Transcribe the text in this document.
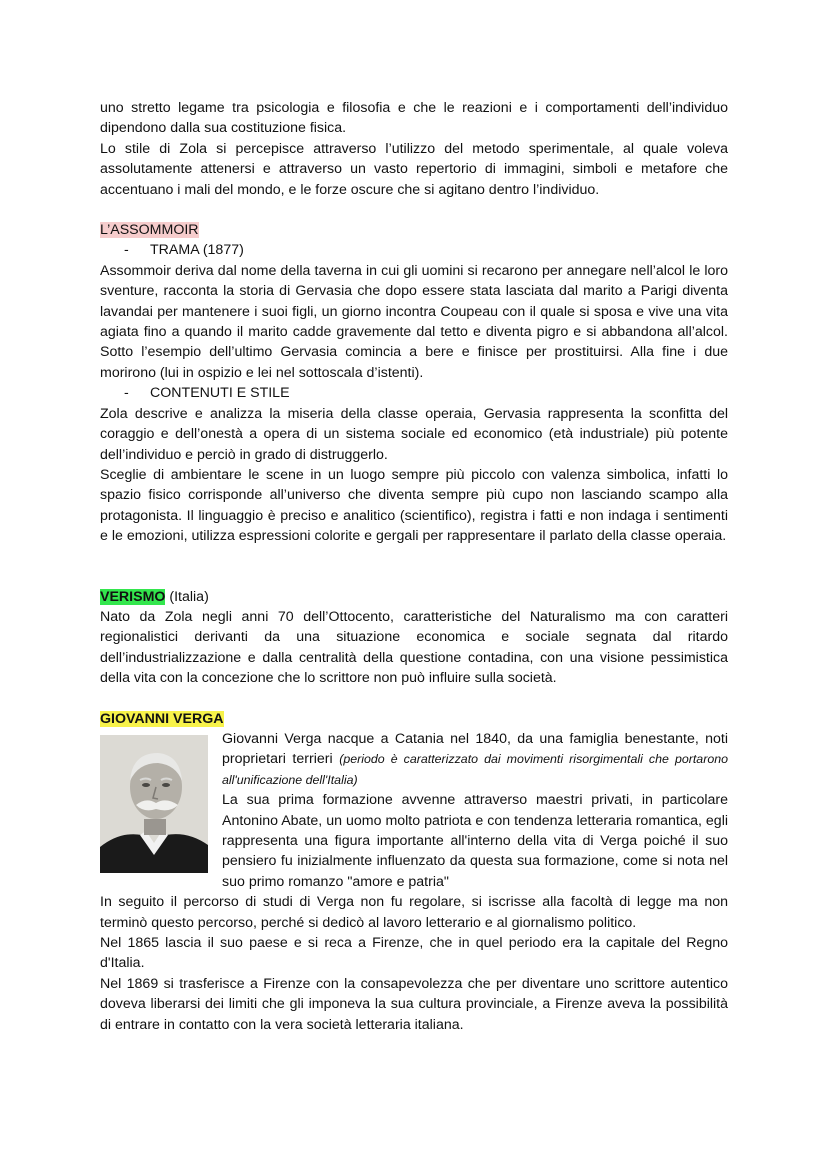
uno stretto legame tra psicologia e filosofia e che le reazioni e i comportamenti dell’individuo dipendono dalla sua costituzione fisica.

Lo stile di Zola si percepisce attraverso l’utilizzo del metodo sperimentale, al quale voleva assolutamente attenersi e attraverso un vasto repertorio di immagini, simboli e metafore che accentuano i mali del mondo, e le forze oscure che si agitano dentro l’individuo.

L’ASSOMMOIR

- TRAMA (1877)

Assommoir deriva dal nome della taverna in cui gli uomini si recarono per annegare nell’alcol le loro sventure, racconta la storia di Gervasia che dopo essere stata lasciata dal marito a Parigi diventa lavandai per mantenere i suoi figli, un giorno incontra Coupeau con il quale si sposa e vive una vita agiata fino a quando il marito cadde gravemente dal tetto e diventa pigro e si abbandona all’alcol. Sotto l’esempio dell’ultimo Gervasia comincia a bere e finisce per prostituirsi. Alla fine i due morirono (lui in ospizio e lei nel sottoscala d’istenti).

- CONTENUTI E STILE

Zola descrive e analizza la miseria della classe operaia, Gervasia rappresenta la sconfitta del coraggio e dell’onestà a opera di un sistema sociale ed economico (età industriale) più potente dell’individuo e perciò in grado di distruggerlo.

Sceglie di ambientare le scene in un luogo sempre più piccolo con valenza simbolica, infatti lo spazio fisico corrisponde all’universo che diventa sempre più cupo non lasciando scampo alla protagonista. Il linguaggio è preciso e analitico (scientifico), registra i fatti e non indaga i sentimenti e le emozioni, utilizza espressioni colorite e gergali per rappresentare il parlato della classe operaia.

VERISMO (Italia)

Nato da Zola negli anni 70 dell’Ottocento, caratteristiche del Naturalismo ma con caratteri regionalistici derivanti da una situazione economica e sociale segnata dal ritardo dell’industrializzazione e dalla centralità della questione contadina, con una visione pessimistica della vita con la concezione che lo scrittore non può influire sulla società.

GIOVANNI VERGA

Giovanni Verga nacque a Catania nel 1840, da una famiglia benestante, noti proprietari terrieri (periodo è caratterizzato dai movimenti risorgimentali che portarono all'unificazione dell'Italia)

La sua prima formazione avvenne attraverso maestri privati, in particolare Antonino Abate, un uomo molto patriota e con tendenza letteraria romantica, egli rappresenta una figura importante all'interno della vita di Verga poiché il suo pensiero fu inizialmente influenzato da questa sua formazione, come si nota nel suo primo romanzo "amore e patria"

In seguito il percorso di studi di Verga non fu regolare, si iscrisse alla facoltà di legge ma non terminò questo percorso, perché si dedicò al lavoro letterario e al giornalismo politico.

Nel 1865 lascia il suo paese e si reca a Firenze, che in quel periodo era la capitale del Regno d'Italia.

Nel 1869 si trasferisce a Firenze con la consapevolezza che per diventare uno scrittore autentico doveva liberarsi dei limiti che gli imponeva la sua cultura provinciale, a Firenze aveva la possibilità di entrare in contatto con la vera società letteraria italiana.
